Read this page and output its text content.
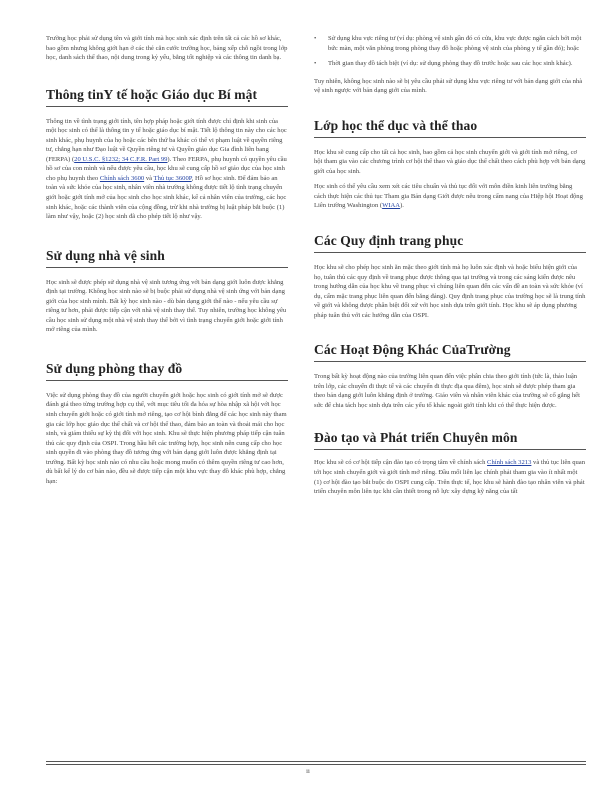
Trường học phải sử dụng tên và giới tính mà học sinh xác định trên tất cả các hồ sơ khác, bao gồm nhưng không giới hạn ở các thẻ căn cước trường học, bảng xếp chỗ ngồi trong lớp học, danh sách thể thao, nội dung trong kỷ yếu, bằng tốt nghiệp và các thông tin danh bạ.

Thông tinY tế hoặc Giáo dục Bí mật

Thông tin về tình trạng giới tính, tên hợp pháp hoặc giới tính được chỉ định khi sinh của một học sinh có thể là thông tin y tế hoặc giáo dục bí mật. Tiết lộ thông tin này cho các học sinh khác, phụ huynh của họ hoặc các bên thứ ba khác có thể vi phạm luật về quyền riêng tư, chẳng hạn như Đạo luật về Quyền riêng tư và Quyền giáo dục Gia đình liên bang (FERPA) (20 U.S.C. §1232; 34 C.F.R. Part 99). Theo FERPA, phụ huynh có quyền yêu cầu hồ sơ của con mình và nếu được yêu cầu, học khu sẽ cung cấp hồ sơ giáo dục của học sinh cho phụ huynh theo Chính sách 3600 và Thủ tục 3600P, Hồ sơ học sinh. Để đảm bảo an toàn và sức khỏe của học sinh, nhân viên nhà trường không được tiết lộ tình trạng chuyển giới hoặc giới tính mở của học sinh cho học sinh khác, kể cả nhân viên của trường, các học sinh khác, hoặc các thành viên của cộng đồng, trừ khi nhà trường bị luật pháp bắt buộc (1) làm như vậy, hoặc (2) học sinh đã cho phép tiết lộ như vậy.

Sử dụng nhà vệ sinh

Học sinh sẽ được phép sử dụng nhà vệ sinh tương ứng với bản dạng giới luôn được khẳng định tại trường. Không học sinh nào sẽ bị buộc phải sử dụng nhà vệ sinh ứng với bản dạng giới của học sinh mình. Bất kỳ học sinh nào - dù bản dạng giới thế nào - nếu yêu cầu sự riêng tư hơn, phải được tiếp cận với nhà vệ sinh thay thế. Tuy nhiên, trường học không yêu cầu học sinh sử dụng một nhà vệ sinh thay thế bởi vì tình trạng chuyển giới hoặc giới tính mở riêng của mình.

Sử dụng phòng thay đồ

Việc sử dụng phòng thay đồ của người chuyển giới hoặc học sinh có giới tính mở sẽ được đánh giá theo từng trường hợp cụ thể, với mục tiêu tối đa hóa sự hòa nhập xã hội với học sinh chuyển giới hoặc có giới tính mở riêng, tạo cơ hội bình đẳng để các học sinh này tham gia các lớp học giáo dục thể chất và cơ hội thể thao, đảm bảo an toàn và thoải mái cho học sinh, và giảm thiểu sự kỳ thị đối với học sinh. Khu sẽ thực hiện phương pháp tiếp cận tuân thủ các quy định của OSPI. Trong hầu hết các trường hợp, học sinh nên cung cấp cho học sinh quyền đi vào phòng thay đồ tương ứng với bản dạng giới luôn được khẳng định tại trường. Bất kỳ học sinh nào có nhu cầu hoặc mong muốn có thêm quyền riêng tư cao hơn, dù bất kể lý do cơ bản nào, đều sẽ được tiếp cận một khu vực thay đồ khác phù hợp, chẳng hạn:

• Sử dụng khu vực riêng tư (ví dụ: phòng vệ sinh gần đó có cửa, khu vực được ngăn cách bởi một bức màn, một văn phòng trong phòng thay đồ hoặc phòng vệ sinh của phòng y tế gần đó); hoặc

• Thời gian thay đồ tách biệt (ví dụ: sử dụng phòng thay đồ trước hoặc sau các học sinh khác).

Tuy nhiên, không học sinh nào sẽ bị yêu cầu phải sử dụng khu vực riêng tư với bản dạng giới của nhà vệ sinh ngược với bản dạng giới của mình.

Lớp học thể dục và thể thao

Học khu sẽ cung cấp cho tất cả học sinh, bao gồm cả học sinh chuyển giới và giới tính mở riêng, cơ hội tham gia vào các chương trình cơ hội thể thao và giáo dục thể chất theo cách phù hợp với bản dạng giới của học sinh.

Học sinh có thể yêu cầu xem xét các tiêu chuẩn và thủ tục đối với môn điền kinh liên trường bằng cách thực hiện các thủ tục Tham gia Bản dạng Giới được nêu trong cẩm nang của Hiệp hội Hoạt động Liên trường Washington (WIAA).

Các Quy định trang phục

Học khu sẽ cho phép học sinh ăn mặc theo giới tính mà họ luôn xác định và hoặc biểu hiện giới của họ, tuân thủ các quy định về trang phục được thông qua tại trường và trong các sáng kiến được nêu trong hướng dẫn của học khu về trang phục vì chúng liên quan đến các vấn đề an toàn và sức khỏe (ví dụ, cấm mặc trang phục liên quan đến băng đảng). Quy định trang phục của trường học sẽ là trung tính về giới và không được phân biệt đối xử với học sinh dựa trên giới tính. Học khu sẽ áp dụng phương pháp tuân thủ với các hướng dẫn của OSPI.

Các Hoạt Động Khác CủaTrường

Trong bất kỳ hoạt động nào của trường liên quan đến việc phân chia theo giới tính (tức là, thảo luận trên lớp, các chuyến đi thực tế và các chuyến đi thực địa qua đêm), học sinh sẽ được phép tham gia theo bản dạng giới luôn khẳng định ở trường. Giáo viên và nhân viên khác của trường sẽ cố gắng hết sức để chia tách học sinh dựa trên các yếu tố khác ngoài giới tính khi có thể thực hiện được.

Đào tạo và Phát triển Chuyên môn

Học khu sẽ có cơ hội tiếp cận đào tạo có trọng tâm về chính sách Chính sách 3213 và thủ tục liên quan tới học sinh chuyển giới và giới tính mở riêng. Đầu mối liên lạc chính phải tham gia vào ít nhất một (1) cơ hội đào tạo bắt buộc do OSPI cung cấp. Trên thực tế, học khu sẽ hành đào tạo nhân viên và phát triển chuyên môn liên tục khi cần thiết trong nỗ lực xây dựng kỹ năng của tất

ii
